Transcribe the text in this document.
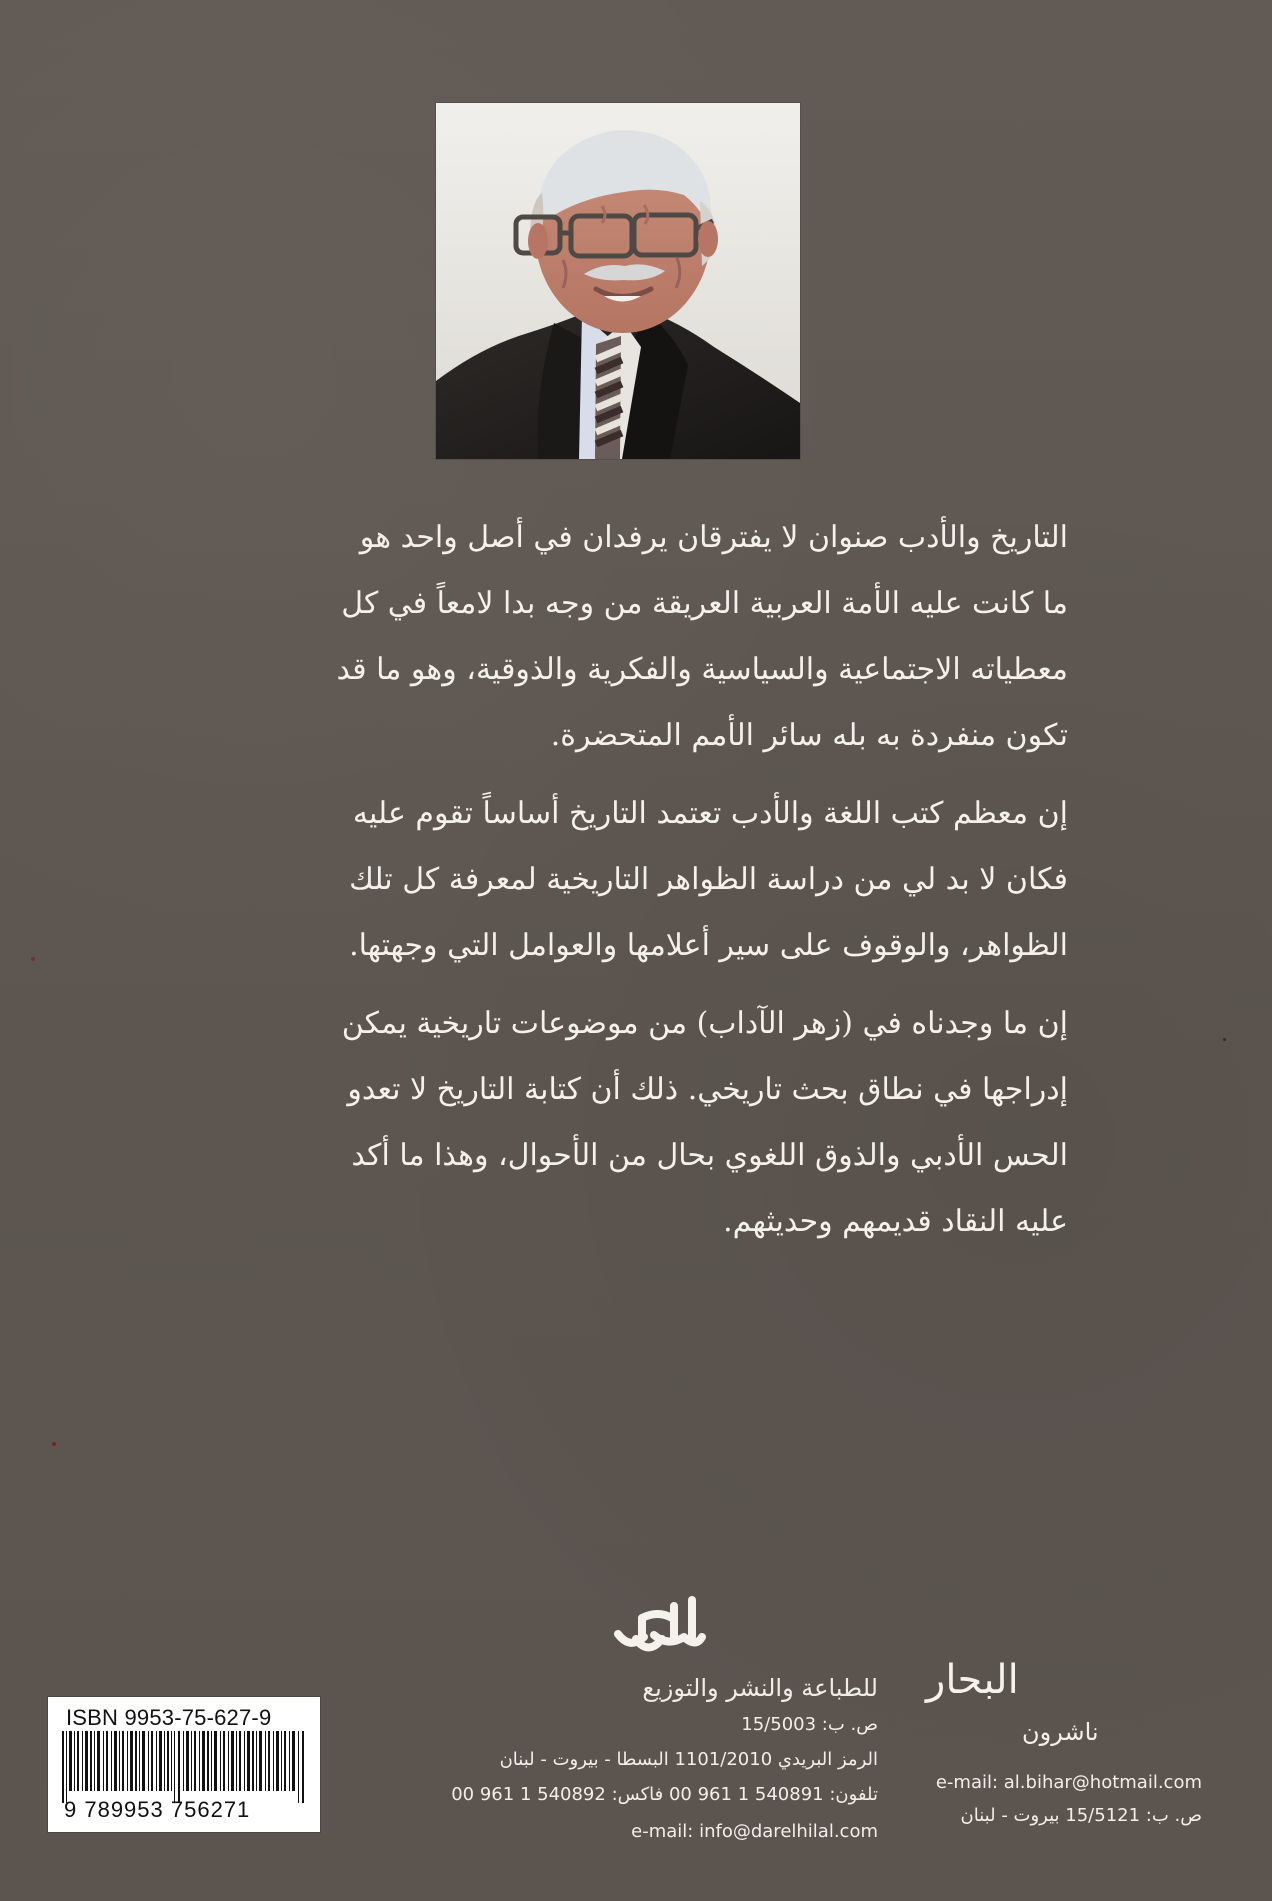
التاريخ والأدب صنوان لا يفترقان يرفدان في أصل واحد هو
ما كانت عليه الأمة العربية العريقة من وجه بدا لامعاً في كل
معطياته الاجتماعية والسياسية والفكرية والذوقية، وهو ما قد
تكون منفردة به بله سائر الأمم المتحضرة.

إن معظم كتب اللغة والأدب تعتمد التاريخ أساساً تقوم عليه
فكان لا بد لي من دراسة الظواهر التاريخية لمعرفة كل تلك
الظواهر، والوقوف على سير أعلامها والعوامل التي وجهتها.

إن ما وجدناه في (زهر الآداب) من موضوعات تاريخية يمكن
إدراجها في نطاق بحث تاريخي. ذلك أن كتابة التاريخ لا تعدو
الحس الأدبي والذوق اللغوي بحال من الأحوال، وهذا ما أكد
عليه النقاد قديمهم وحديثهم.

للطباعة والنشر والتوزيع
ص. ب: 15/5003
الرمز البريدي 1101/2010 البسطا - بيروت - لبنان
تلفون: 540891 1 961 00 فاكس: 540892 1 961 00
e-mail: info@darelhilal.com
البحار
ناشرون
e-mail: al.bihar@hotmail.com
ص. ب: 15/5121 بيروت - لبنان
ISBN 9953-75-627-9
9 789953 756271
